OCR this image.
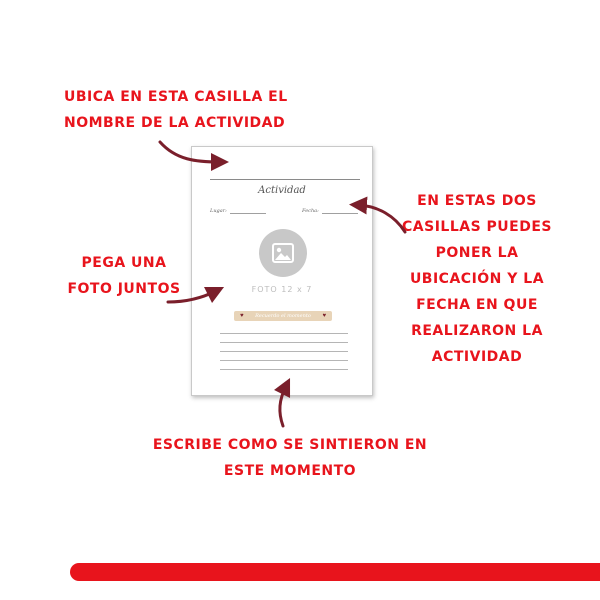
UBICA EN ESTA CASILLA EL NOMBRE DE LA ACTIVIDAD
EN ESTAS DOS CASILLAS PUEDES PONER LA UBICACIÓN Y LA FECHA EN QUE REALIZARON LA ACTIVIDAD
PEGA UNA FOTO JUNTOS
ESCRIBE COMO SE SINTIERON EN ESTE MOMENTO
Actividad
Lugar:	Fecha:
FOTO 12 x 7
♥	Recuerdo el momento	♥
